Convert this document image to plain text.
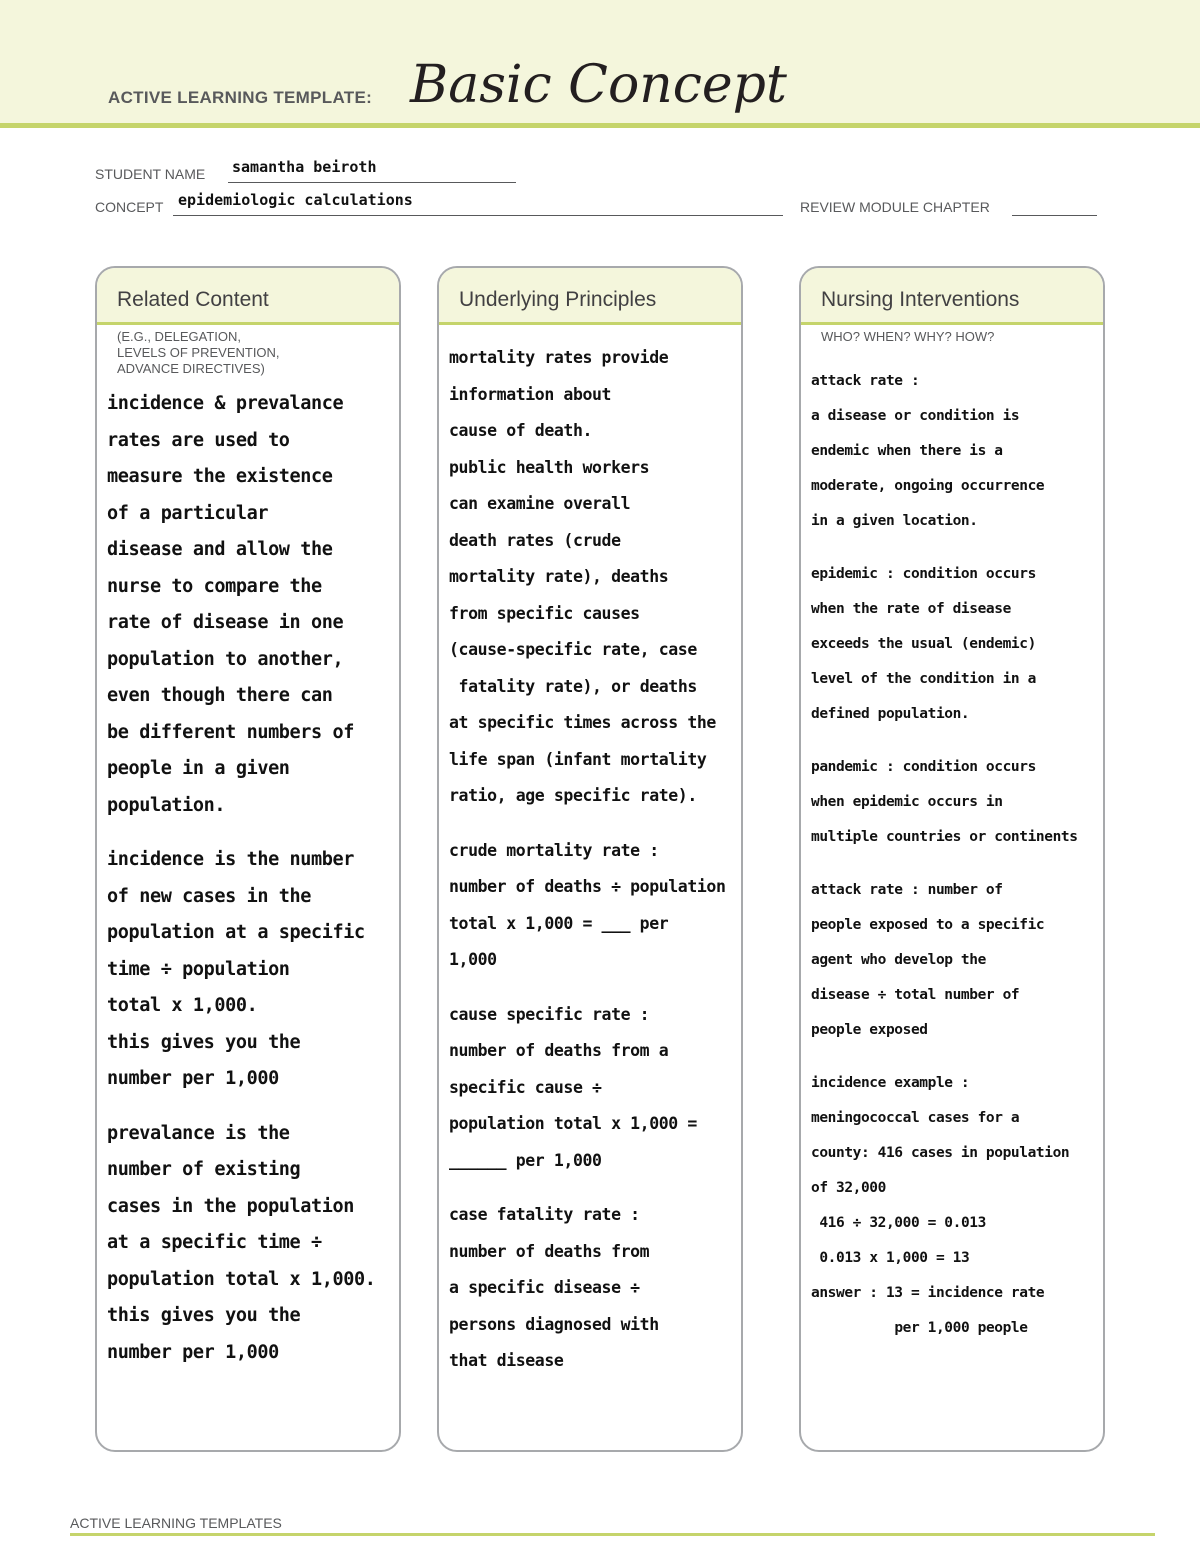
ACTIVE LEARNING TEMPLATE: Basic Concept
STUDENT NAME samantha beiroth
CONCEPT epidemiologic calculations	REVIEW MODULE CHAPTER
Related Content
(E.G., DELEGATION,
LEVELS OF PREVENTION,
ADVANCE DIRECTIVES)
incidence & prevalance
rates are used to
measure the existence
of a particular
disease and allow the
nurse to compare the
rate of disease in one
population to another,
even though there can
be different numbers of
people in a given
population.
incidence is the number
of new cases in the
population at a specific
time ÷ population
total x 1,000.
this gives you the
number per 1,000
prevalance is the
number of existing
cases in the population
at a specific time ÷
population total x 1,000.
this gives you the
number per 1,000
Underlying Principles
mortality rates provide
information about
cause of death.
public health workers
can examine overall
death rates (crude
mortality rate), deaths
from specific causes
(cause-specific rate, case
fatality rate), or deaths
at specific times across the
life span (infant mortality
ratio, age specific rate).
crude mortality rate :
number of deaths ÷ population
total x 1,000 = ___ per
1,000
cause specific rate :
number of deaths from a
specific cause ÷
population total x 1,000 =
______ per 1,000
case fatality rate :
number of deaths from
a specific disease ÷
persons diagnosed with
that disease
Nursing Interventions
WHO? WHEN? WHY? HOW?
attack rate :
a disease or condition is
endemic when there is a
moderate, ongoing occurrence
in a given location.
epidemic : condition occurs
when the rate of disease
exceeds the usual (endemic)
level of the condition in a
defined population.
pandemic : condition occurs
when epidemic occurs in
multiple countries or continents
attack rate : number of
people exposed to a specific
agent who develop the
disease ÷ total number of
people exposed
incidence example :
meningococcal cases for a
county: 416 cases in population
of 32,000
416 ÷ 32,000 = 0.013
0.013 x 1,000 = 13
answer : 13 = incidence rate
per 1,000 people
ACTIVE LEARNING TEMPLATES
